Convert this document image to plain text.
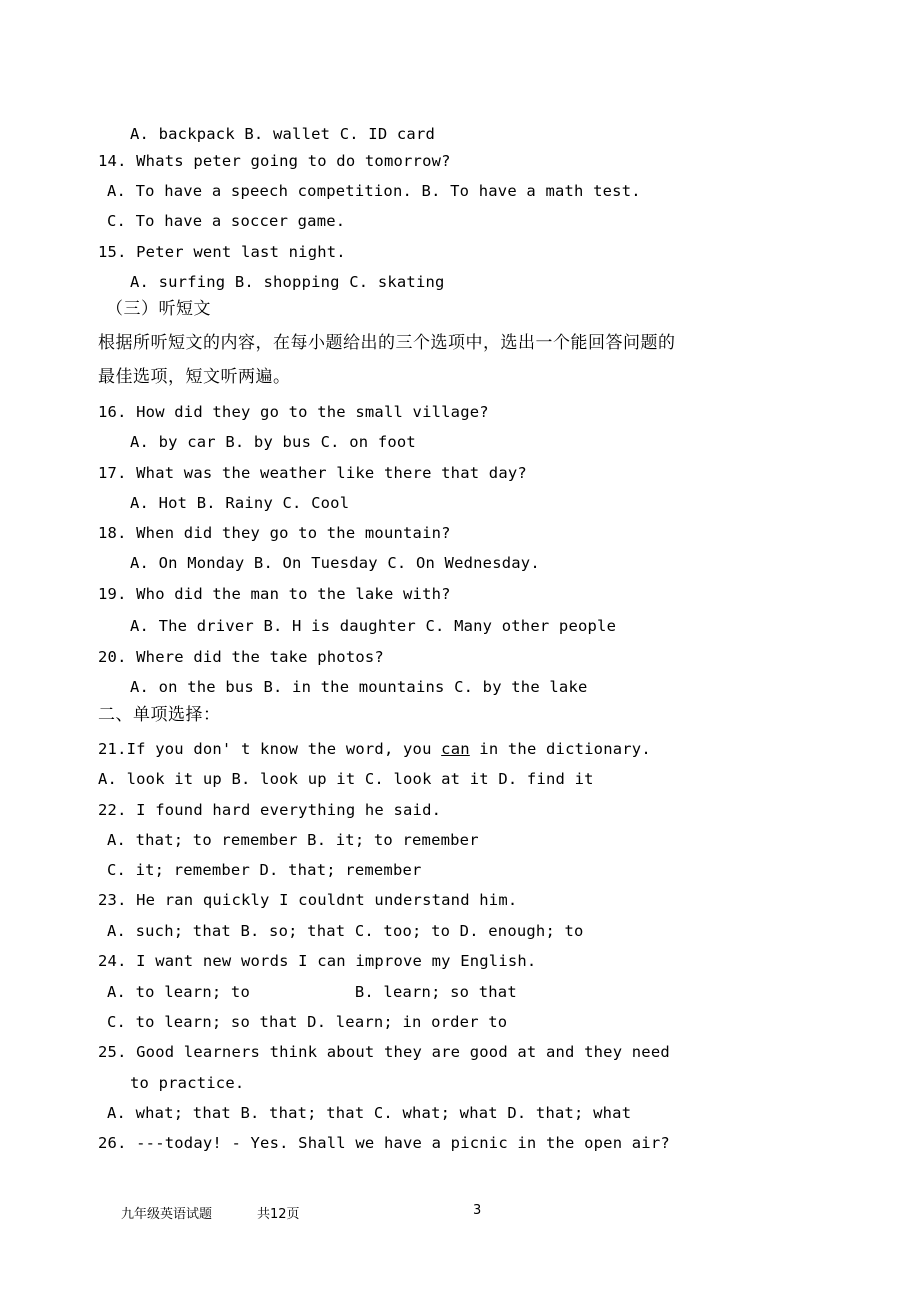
A. backpack B. wallet C. ID card
14. Whats peter going to do tomorrow?
A. To have a speech competition. B. To have a math test.
C. To have a soccer game.
15. Peter went last night.
A. surfing B. shopping C. skating
（三）听短文
根据所听短文的内容，在每小题给出的三个选项中，选出一个能回答问题的
最佳选项，短文听两遍。
16. How did they go to the small village?
A. by car B. by bus C. on foot
17. What was the weather like there that day?
A. Hot B. Rainy C. Cool
18. When did they go to the mountain?
A. On Monday B. On Tuesday C. On Wednesday.
19. Who did the man to the lake with?
A. The driver B. H is daughter C. Many other people
20. Where did the take photos?
A. on the bus B. in the mountains C. by the lake
二、单项选择：
21.If you don' t know the word, you can in the dictionary.
A. look it up B. look up it C. look at it D. find it
22. I found hard everything he said.
A. that; to remember B. it; to remember
C. it; remember D. that; remember
23. He ran quickly I couldnt understand him.
A. such; that B. so; that C. too; to D. enough; to
24. I want new words I can improve my English.
A. to learn; to           B. learn; so that
C. to learn; so that D. learn; in order to
25. Good learners think about they are good at and they need
to practice.
A. what; that B. that; that C. what; what D. that; what
26. ---today! - Yes. Shall we have a picnic in the open air?
九年级英语试题	共12页	3
